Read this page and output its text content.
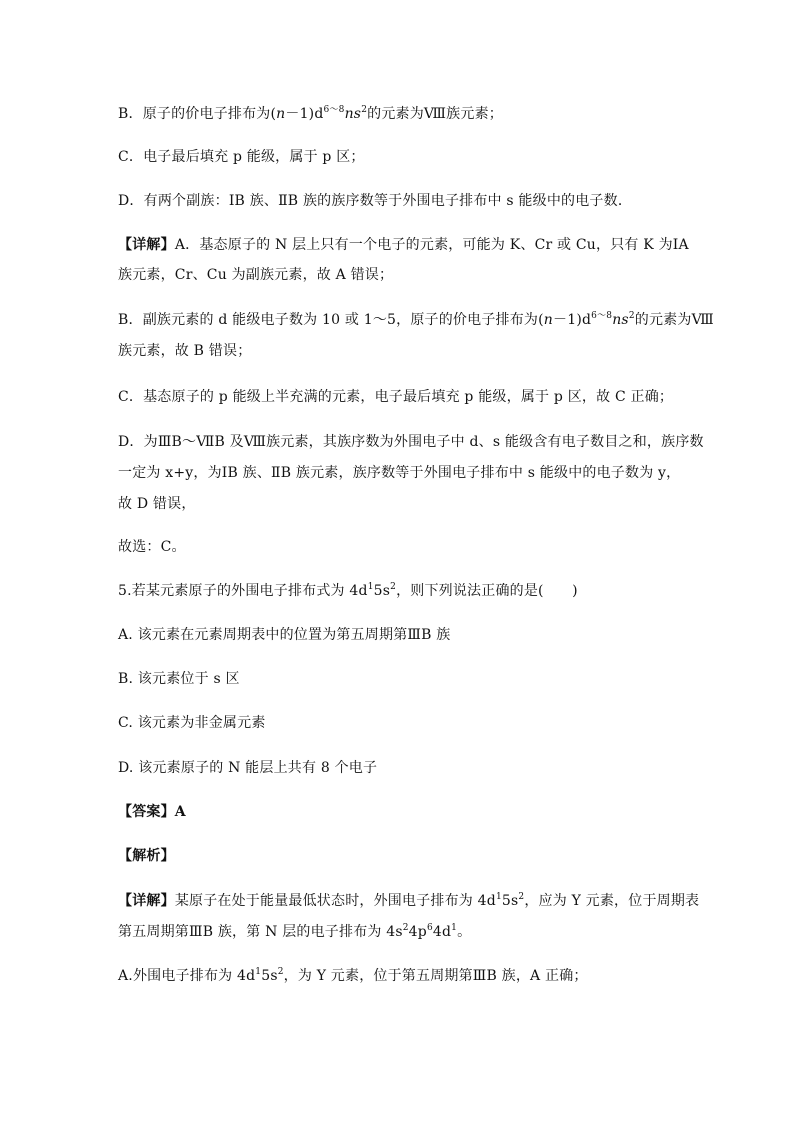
B．原子的价电子排布为$(n-1)d^{6\sim 8}ns^2$的元素为Ⅷ族元素；
C．电子最后填充 p 能级，属于 p 区；
D．有两个副族：ⅠB 族、ⅡB 族的族序数等于外围电子排布中 s 能级中的电子数．
【详解】A．基态原子的 N 层上只有一个电子的元素，可能为 K、Cr 或 Cu，只有 K 为ⅠA
族元素，Cr、Cu 为副族元素，故 A 错误；
B．副族元素的 d 能级电子数为 10 或 1～5，原子的价电子排布为$(n-1)d^{6\sim 8}ns^2$的元素为Ⅷ
族元素，故 B 错误；
C．基态原子的 p 能级上半充满的元素，电子最后填充 p 能级，属于 p 区，故 C 正确；
D．为ⅢB～ⅦB 及Ⅷ族元素，其族序数为外围电子中 d、s 能级含有电子数目之和，族序数
一定为 x+y，为ⅠB 族、ⅡB 族元素，族序数等于外围电子排布中 s 能级中的电子数为 y，
故 D 错误，
故选：C。
5.若某元素原子的外围电子排布式为 $4d^15s^2$，则下列说法正确的是(　　)
A. 该元素在元素周期表中的位置为第五周期第ⅢB 族
B. 该元素位于 s 区
C. 该元素为非金属元素
D. 该元素原子的 N 能层上共有 8 个电子
【答案】A
【解析】
【详解】某原子在处于能量最低状态时，外围电子排布为 $4d^15s^2$，应为 Y 元素，位于周期表
第五周期第ⅢB 族，第 N 层的电子排布为 $4s^24p^64d^1$。
A.外围电子排布为 $4d^15s^2$，为 Y 元素，位于第五周期第ⅢB 族，A 正确；
